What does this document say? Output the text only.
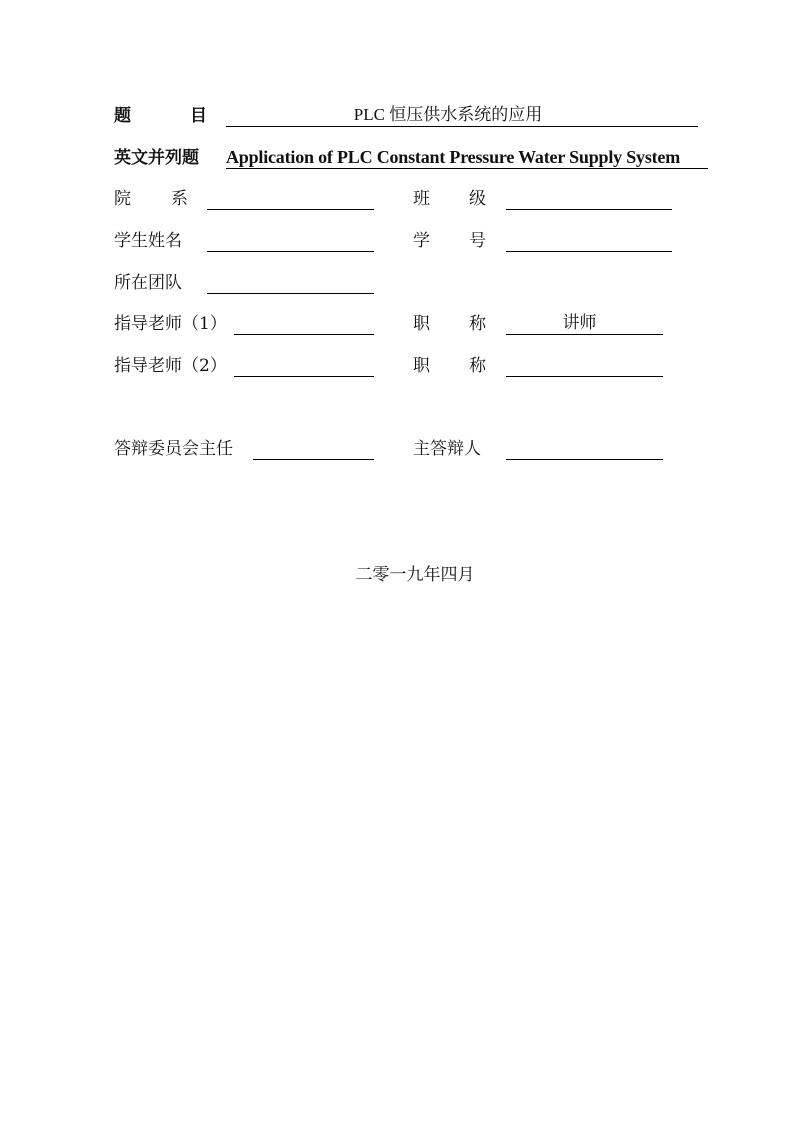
题	目	PLC 恒压供水系统的应用
英文并列题 Application of PLC Constant Pressure Water Supply System
院 系	班 级
学生姓名	学 号
所在团队
指导老师（1）	职 称	讲师
指导老师（2）	职 称
答辩委员会主任	主答辩人
二零一九年四月
